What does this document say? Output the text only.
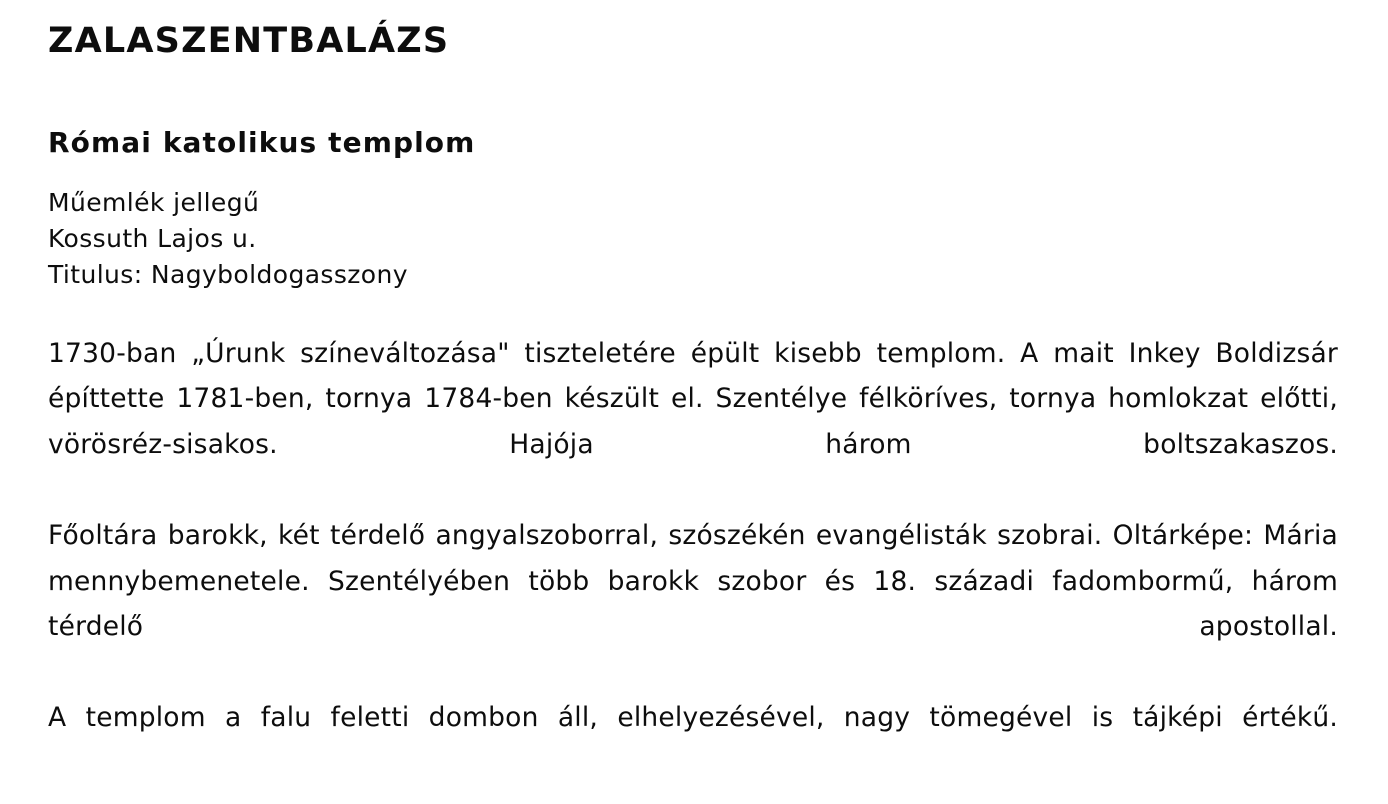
ZALASZENTBALÁZS
Római katolikus templom
Műemlék jellegű
Kossuth Lajos u.
Titulus: Nagyboldogasszony

1730-ban „Úrunk színeváltozása" tiszteletére épült kisebb templom. A mait Inkey Boldizsár építtette 1781-ben, tornya 1784-ben készült el. Szentélye félköríves, tornya homlokzat előtti, vörösréz-sisakos. Hajója három boltszakaszos.

Főoltára barokk, két térdelő angyalszoborral, szószékén evangélisták szobrai. Oltárképe: Mária mennybemenetele. Szentélyében több barokk szobor és 18. századi fadombormű, három térdelő apostollal.

A templom a falu feletti dombon áll, elhelyezésével, nagy tömegével is tájképi értékű.
